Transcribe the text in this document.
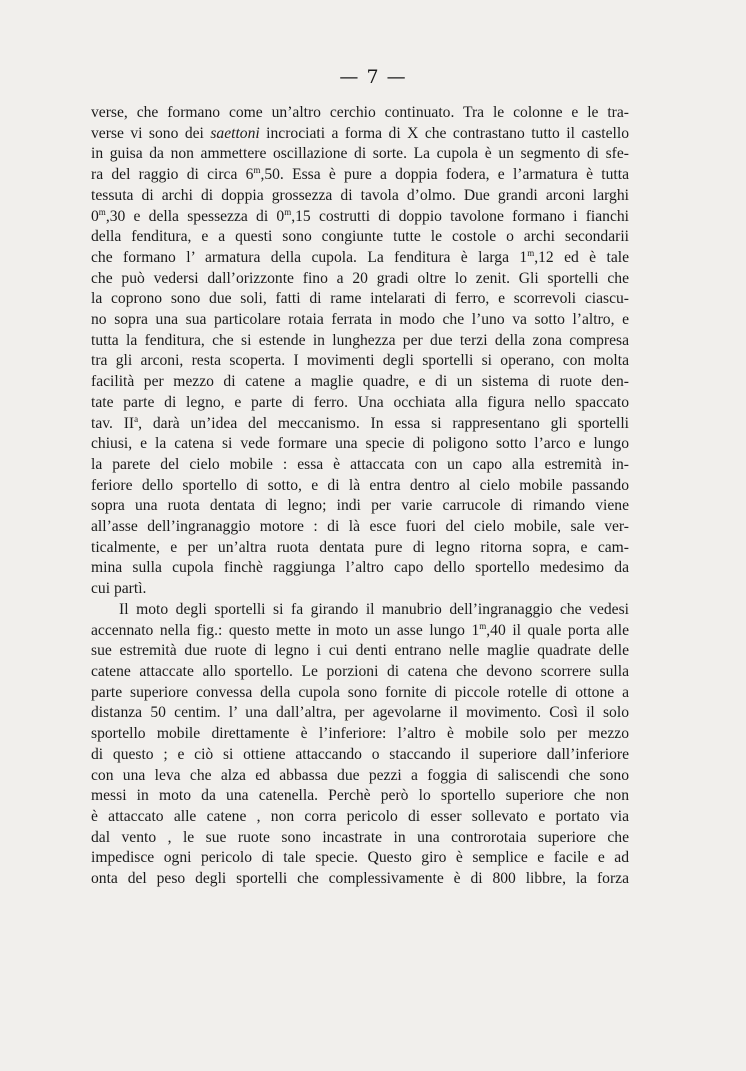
— 7 —

verse, che formano come un’altro cerchio continuato. Tra le colonne e le tra-
verse vi sono dei saettoni incrociati a forma di X che contrastano tutto il castello
in guisa da non ammettere oscillazione di sorte. La cupola è un segmento di sfe-
ra del raggio di circa 6$^m$,50. Essa è pure a doppia fodera, e l’armatura è tutta
tessuta di archi di doppia grossezza di tavola d’olmo. Due grandi arconi larghi
0$^m$,30 e della spessezza di 0$^m$,15 costrutti di doppio tavolone formano i fianchi
della fenditura, e a questi sono congiunte tutte le costole o archi secondarii
che formano l’ armatura della cupola. La fenditura è larga 1$^m$,12 ed è tale
che può vedersi dall’orizzonte fino a 20 gradi oltre lo zenit. Gli sportelli che
la coprono sono due soli, fatti di rame intelarati di ferro, e scorrevoli ciascu-
no sopra una sua particolare rotaia ferrata in modo che l’uno va sotto l’altro, e
tutta la fenditura, che si estende in lunghezza per due terzi della zona compresa
tra gli arconi, resta scoperta. I movimenti degli sportelli si operano, con molta
facilità per mezzo di catene a maglie quadre, e di un sistema di ruote den-
tate parte di legno, e parte di ferro. Una occhiata alla figura nello spaccato
tav. $II^a$, darà un’idea del meccanismo. In essa si rappresentano gli sportelli
chiusi, e la catena si vede formare una specie di poligono sotto l’arco e lungo
la parete del cielo mobile : essa è attaccata con un capo alla estremità in-
feriore dello sportello di sotto, e di là entra dentro al cielo mobile passando
sopra una ruota dentata di legno; indi per varie carrucole di rimando viene
all’asse dell’ingranaggio motore : di là esce fuori del cielo mobile, sale ver-
ticalmente, e per un’altra ruota dentata pure di legno ritorna sopra, e cam-
mina sulla cupola finchè raggiunga l’altro capo dello sportello medesimo da
cui partì.

Il moto degli sportelli si fa girando il manubrio dell’ingranaggio che vedesi
accennato nella fig.: questo mette in moto un asse lungo 1$^m$,40 il quale porta alle
sue estremità due ruote di legno i cui denti entrano nelle maglie quadrate delle
catene attaccate allo sportello. Le porzioni di catena che devono scorrere sulla
parte superiore convessa della cupola sono fornite di piccole rotelle di ottone a
distanza 50 centim. l’ una dall’altra, per agevolarne il movimento. Così il solo
sportello mobile direttamente è l’inferiore: l’altro è mobile solo per mezzo
di questo ; e ciò si ottiene attaccando o staccando il superiore dall’inferiore
con una leva che alza ed abbassa due pezzi a foggia di saliscendi che sono
messi in moto da una catenella. Perchè però lo sportello superiore che non
è attaccato alle catene , non corra pericolo di esser sollevato e portato via
dal vento , le sue ruote sono incastrate in una controrotaia superiore che
impedisce ogni pericolo di tale specie. Questo giro è semplice e facile e ad
onta del peso degli sportelli che complessivamente è di 800 libbre, la forza
